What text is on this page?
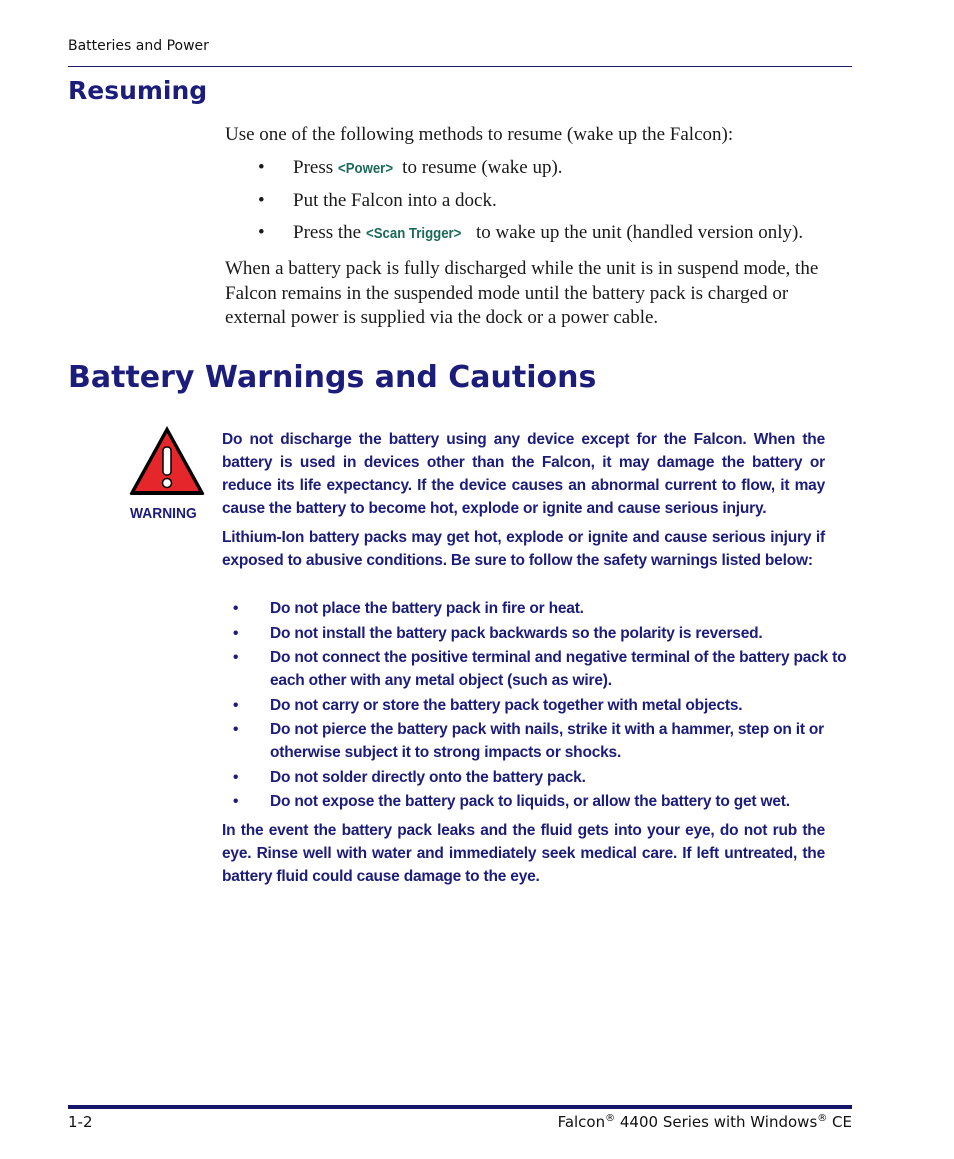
Batteries and Power
Resuming

Use one of the following methods to resume (wake up the Falcon):

• Press <Power> to resume (wake up).
• Put the Falcon into a dock.
• Press the <Scan Trigger> to wake up the unit (handled version only).

When a battery pack is fully discharged while the unit is in suspend mode, the Falcon remains in the suspended mode until the battery pack is charged or external power is supplied via the dock or a power cable.

Battery Warnings and Cautions
WARNING

Do not discharge the battery using any device except for the Falcon. When the battery is used in devices other than the Falcon, it may damage the battery or reduce its life expectancy. If the device causes an abnormal current to flow, it may cause the battery to become hot, explode or ignite and cause serious injury.

Lithium-Ion battery packs may get hot, explode or ignite and cause serious injury if exposed to abusive conditions. Be sure to follow the safety warnings listed below:

• Do not place the battery pack in fire or heat.
• Do not install the battery pack backwards so the polarity is reversed.
• Do not connect the positive terminal and negative terminal of the battery pack to each other with any metal object (such as wire).
• Do not carry or store the battery pack together with metal objects.
• Do not pierce the battery pack with nails, strike it with a hammer, step on it or otherwise subject it to strong impacts or shocks.
• Do not solder directly onto the battery pack.
• Do not expose the battery pack to liquids, or allow the battery to get wet.

In the event the battery pack leaks and the fluid gets into your eye, do not rub the eye. Rinse well with water and immediately seek medical care. If left untreated, the battery fluid could cause damage to the eye.

1-2	Falcon® 4400 Series with Windows® CE
